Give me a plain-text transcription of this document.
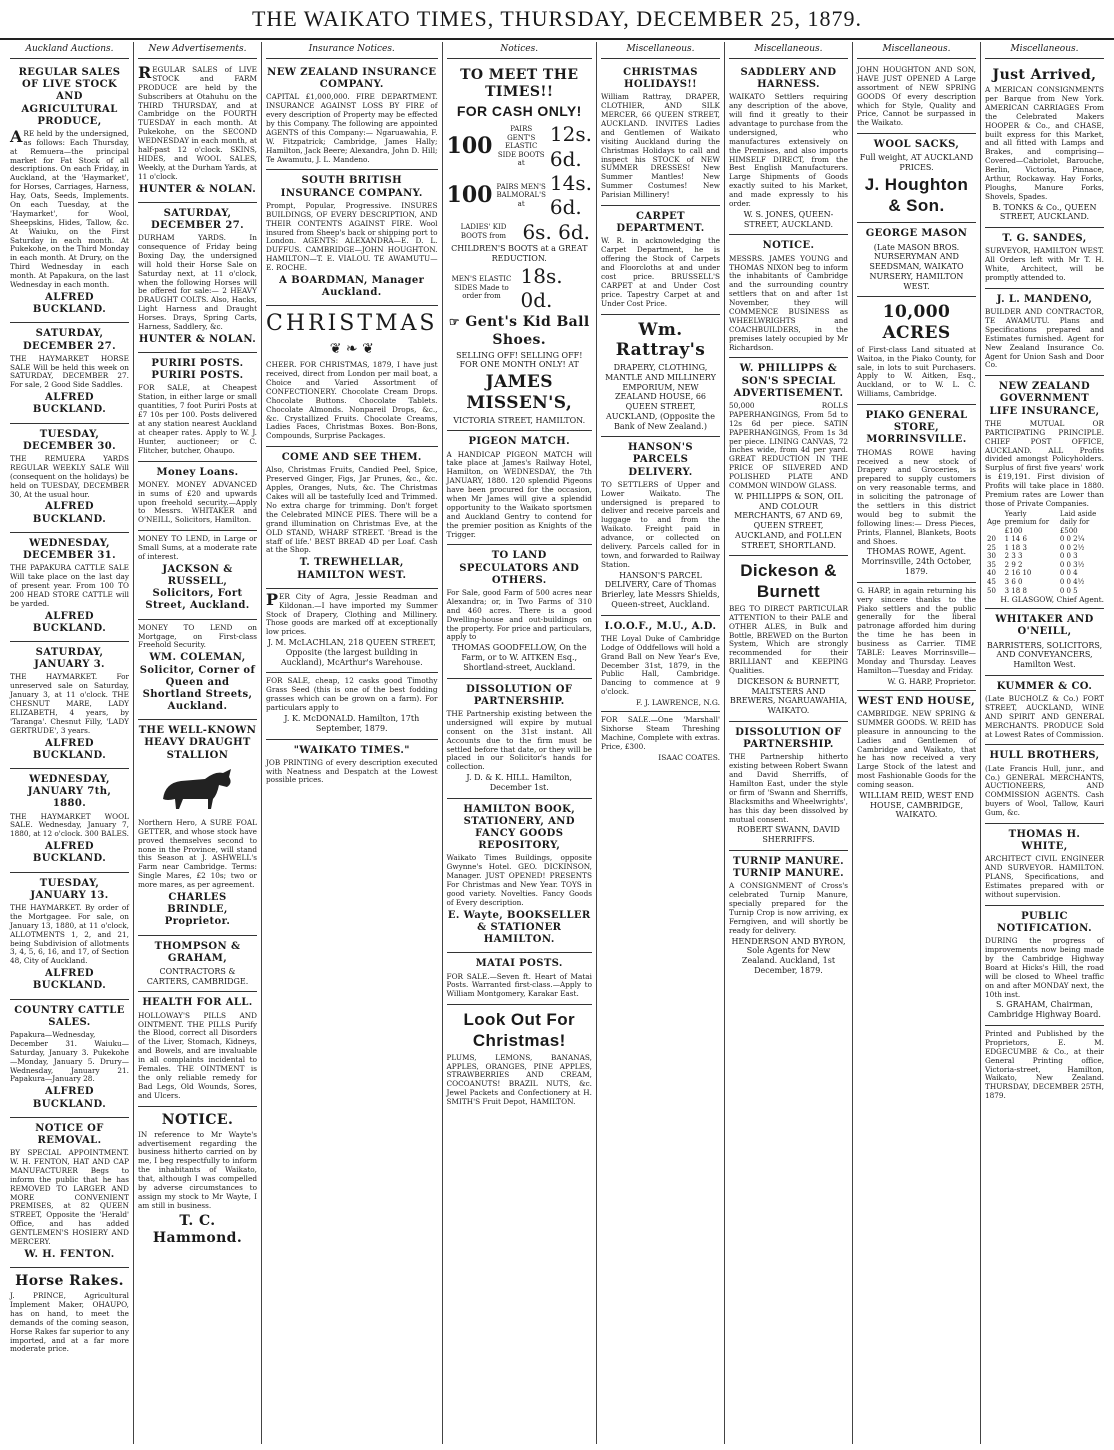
THE WAIKATO TIMES, THURSDAY, DECEMBER 25, 1879.
Auckland Auctions.
REGULAR SALES OF LIVE STOCK AND AGRICULTURAL PRODUCE,

ARE held by the undersigned, as follows: Each Thursday, at Remuera—the principal market for Fat Stock of all descriptions. On each Friday, in Auckland, at the 'Haymarket', for Horses, Carriages, Harness, Hay, Oats, Seeds, Implements. On each Tuesday, at the 'Haymarket', for Wool, Sheepskins, Hides, Tallow, &c. At Waiuku, on the First Saturday in each month. At Pukekohe, on the Third Monday in each month. At Drury, on the Third Wednesday in each month. At Papakura, on the last Wednesday in each month.

ALFRED BUCKLAND.
SATURDAY, DECEMBER 27.

THE HAYMARKET HORSE SALE Will be held this week on SATURDAY, DECEMBER 27. For sale, 2 Good Side Saddles.

ALFRED BUCKLAND.
TUESDAY, DECEMBER 30.

THE REMUERA YARDS REGULAR WEEKLY SALE Will (consequent on the holidays) be held on TUESDAY, DECEMBER 30, At the usual hour.

ALFRED BUCKLAND.
WEDNESDAY, DECEMBER 31.

THE PAPAKURA CATTLE SALE Will take place on the last day of present year. From 100 TO 200 HEAD STORE CATTLE will be yarded.

ALFRED BUCKLAND.
SATURDAY, JANUARY 3.

THE HAYMARKET. For unreserved sale on Saturday, January 3, at 11 o'clock. THE CHESNUT MARE, LADY ELIZABETH, 4 years, by 'Taranga'. Chesnut Filly, 'LADY GERTRUDE', 3 years.

ALFRED BUCKLAND.
WEDNESDAY, JANUARY 7th, 1880.

THE HAYMARKET WOOL SALE. Wednesday, January 7, 1880, at 12 o'clock. 300 BALES.

ALFRED BUCKLAND.
TUESDAY, JANUARY 13.

THE HAYMARKET. By order of the Mortgagee. For sale, on January 13, 1880, at 11 o'clock, ALLOTMENTS 1, 2, and 21, being Subdivision of allotments 3, 4, 5, 6, 16, and 17, of Section 48, City of Auckland.

ALFRED BUCKLAND.
COUNTRY CATTLE SALES.

Papakura—Wednesday, December 31. Waiuku—Saturday, January 3. Pukekohe—Monday, January 5. Drury—Wednesday, January 21. Papakura—January 28.

ALFRED BUCKLAND.
NOTICE OF REMOVAL.

BY SPECIAL APPOINTMENT. W. H. FENTON, HAT AND CAP MANUFACTURER Begs to inform the public that he has REMOVED TO LARGER AND MORE CONVENIENT PREMISES, at 82 QUEEN STREET, Opposite the 'Herald' Office, and has added GENTLEMEN'S HOSIERY AND MERCERY.

W. H. FENTON.
Horse Rakes.

J. PRINCE, Agricultural Implement Maker, OHAUPO, has on hand, to meet the demands of the coming season, Horse Rakes far superior to any imported, and at a far more moderate price.

New Advertisements.

REGULAR SALES of LIVE STOCK and FARM PRODUCE are held by the Subscribers at Otahuhu on the THIRD THURSDAY, and at Cambridge on the FOURTH TUESDAY in each month. At Pukekohe, on the SECOND WEDNESDAY in each month, at half-past 12 o'clock. SKINS, HIDES, and WOOL SALES, Weekly, at the Durham Yards, at 11 o'clock.

HUNTER & NOLAN.
SATURDAY, DECEMBER 27.

DURHAM YARDS. In consequence of Friday being Boxing Day, the undersigned will hold their Horse Sale on Saturday next, at 11 o'clock, when the following Horses will be offered for sale:— 2 HEAVY DRAUGHT COLTS. Also, Hacks, Light Harness and Draught Horses. Drays, Spring Carts, Harness, Saddlery, &c.

HUNTER & NOLAN.
PURIRI POSTS. PURIRI POSTS.

FOR SALE, at Cheapest Station, in either large or small quantities, 7 foot Puriri Posts at £7 10s per 100. Posts delivered at any station nearest Auckland at cheaper rates. Apply to W. J. Hunter, auctioneer; or C. Flitcher, butcher, Ohaupo.

Money Loans.

MONEY. MONEY ADVANCED in sums of £20 and upwards upon freehold security.—Apply to Messrs. WHITAKER and O'NEILL, Solicitors, Hamilton.

MONEY TO LEND, in Large or Small Sums, at a moderate rate of interest.

JACKSON & RUSSELL, Solicitors, Fort Street, Auckland.

MONEY TO LEND on Mortgage, on First-class Freehold Security.

WM. COLEMAN, Solicitor, Corner of Queen and Shortland Streets, Auckland.
THE WELL-KNOWN HEAVY DRAUGHT STALLION

Northern Hero, A SURE FOAL GETTER, and whose stock have proved themselves second to none in the Province, will stand this Season at J. ASHWELL's Farm near Cambridge. Terms: Single Mares, £2 10s; two or more mares, as per agreement.

CHARLES BRINDLE, Proprietor.
THOMPSON & GRAHAM,
CONTRACTORS & CARTERS, CAMBRIDGE.
HEALTH FOR ALL.

HOLLOWAY'S PILLS AND OINTMENT. THE PILLS Purify the Blood, correct all Disorders of the Liver, Stomach, Kidneys, and Bowels, and are invaluable in all complaints incidental to Females. THE OINTMENT is the only reliable remedy for Bad Legs, Old Wounds, Sores, and Ulcers.

NOTICE.

IN reference to Mr Wayte's advertisement regarding the business hitherto carried on by me, I beg respectfully to inform the inhabitants of Waikato, that, although I was compelled by adverse circumstances to assign my stock to Mr Wayte, I am still in business.

T. C. Hammond.
Insurance Notices.
NEW ZEALAND INSURANCE COMPANY.

CAPITAL £1,000,000. FIRE DEPARTMENT. INSURANCE AGAINST LOSS BY FIRE of every description of Property may be effected by this Company. The following are appointed AGENTS of this Company:— Ngaruawahia, F. W. Fitzpatrick; Cambridge, James Hally; Hamilton, Jack Beere; Alexandra, John D. Hill; Te Awamutu, J. L. Mandeno.

SOUTH BRITISH INSURANCE COMPANY.

Prompt, Popular, Progressive. INSURES BUILDINGS, OF EVERY DESCRIPTION, AND THEIR CONTENTS AGAINST FIRE. Wool insured from Sheep's back or shipping port to London. AGENTS: ALEXANDRA—E. D. L. DUFFUS. CAMBRIDGE—JOHN HOUGHTON. HAMILTON—T. E. VIALOU. TE AWAMUTU—E. ROCHE.

A BOARDMAN, Manager Auckland.
CHRISTMAS
❦ ❧ ❦

CHEER. FOR CHRISTMAS, 1879, I have just received, direct from London per mail boat, a Choice and Varied Assortment of CONFECTIONERY. Chocolate Cream Drops. Chocolate Buttons. Chocolate Tablets. Chocolate Almonds. Nonpareil Drops, &c., &c. Crystallized Fruits. Chocolate Creams, Ladies Faces, Christmas Boxes. Bon-Bons, Compounds, Surprise Packages.

COME AND SEE THEM.

Also, Christmas Fruits, Candied Peel, Spice, Preserved Ginger, Figs, Jar Prunes, &c., &c. Apples, Oranges, Nuts, &c. The Christmas Cakes will all be tastefully Iced and Trimmed. No extra charge for trimming. Don't forget the Celebrated MINCE PIES. There will be a grand illumination on Christmas Eve, at the OLD STAND, WHARF STREET. 'Bread is the staff of life.' BEST BREAD 4D per Loaf. Cash at the Shop.

T. TREWHELLAR, HAMILTON WEST.

PER City of Agra, Jessie Readman and Kildonan.—I have imported my Summer Stock of Drapery, Clothing and Millinery. Those goods are marked off at exceptionally low prices.

J. M. McLACHLAN, 218 QUEEN STREET, Opposite (the largest building in Auckland), McArthur's Warehouse.

FOR SALE, cheap, 12 casks good Timothy Grass Seed (this is one of the best fodding grasses which can be grown on a farm). For particulars apply to

J. K. McDONALD. Hamilton, 17th September, 1879.
"WAIKATO TIMES."

JOB PRINTING of every description executed with Neatness and Despatch at the Lowest possible prices.

Notices.
TO MEET THE TIMES!!
FOR CASH ONLY!
100
PAIRS GENT'S ELASTIC SIDE BOOTS at
12s. 6d.
100 PAIRS MEN'S BALMORAL'S at
14s. 6d.
LADIES' KID BOOTS from 6s. 6d.
CHILDREN'S BOOTS at a GREAT REDUCTION.
MEN'S ELASTIC SIDES Made to order from
18s. 0d.
☞ Gent's Kid Ball Shoes.
SELLING OFF! SELLING OFF! FOR ONE MONTH ONLY! AT
JAMES MISSEN'S,
VICTORIA STREET, HAMILTON.
PIGEON MATCH.

A HANDICAP PIGEON MATCH will take place at James's Railway Hotel, Hamilton, on WEDNESDAY, the 7th JANUARY, 1880. 120 splendid Pigeons have been procured for the occasion, when Mr James will give a splendid opportunity to the Waikato sportsmen and Auckland Gentry to contend for the premier position as Knights of the Trigger.

TO LAND SPECULATORS AND OTHERS.

For Sale, good Farm of 500 acres near Alexandra; or, in Two Farms of 310 and 460 acres. There is a good Dwelling-house and out-buildings on the property. For price and particulars, apply to

THOMAS GOODFELLOW, On the Farm, or to W. AITKEN Esq., Shortland-street, Auckland.
DISSOLUTION OF PARTNERSHIP.

THE Partnership existing between the undersigned will expire by mutual consent on the 31st instant. All Accounts due to the firm must be settled before that date, or they will be placed in our Solicitor's hands for collection.

J. D. & K. HILL. Hamilton, December 1st.
HAMILTON BOOK, STATIONERY, AND FANCY GOODS REPOSITORY,

Waikato Times Buildings, opposite Gwynne's Hotel. GEO. DICKINSON, Manager. JUST OPENED! PRESENTS For Christmas and New Year. TOYS in good variety. Novelties. Fancy Goods of Every description.

E. Wayte, BOOKSELLER & STATIONER HAMILTON.
MATAI POSTS.

FOR SALE.—Seven ft. Heart of Matai Posts. Warranted first-class.—Apply to William Montgomery, Karakar East.

Look Out For Christmas!

PLUMS, LEMONS, BANANAS, APPLES, ORANGES, PINE APPLES, STRAWBERRIES AND CREAM, COCOANUTS! BRAZIL NUTS, &c. Jewel Packets and Confectionery at H. SMITH'S Fruit Depot, HAMILTON.

Miscellaneous.
CHRISTMAS HOLIDAYS!!

William Rattray, DRAPER, CLOTHIER, AND SILK MERCER, 66 QUEEN STREET, AUCKLAND. INVITES Ladies and Gentlemen of Waikato visiting Auckland during the Christmas Holidays to call and inspect his STOCK of NEW SUMMER DRESSES! New Summer Mantles! New Summer Costumes! New Parisian Millinery!

CARPET DEPARTMENT.

W. R. in acknowledging the Carpet Department, he is offering the Stock of Carpets and Floorcloths at and under cost price. BRUSSELL'S CARPET at and Under Cost price. Tapestry Carpet at and Under Cost Price.

Wm. Rattray's
DRAPERY, CLOTHING, MANTLE AND MILLINERY EMPORIUM, NEW ZEALAND HOUSE, 66 QUEEN STREET, AUCKLAND, (Opposite the Bank of New Zealand.)
HANSON'S PARCELS DELIVERY.

TO SETTLERS of Upper and Lower Waikato. The undersigned is prepared to deliver and receive parcels and luggage to and from the Waikato. Freight paid in advance, or collected on delivery. Parcels called for in town, and forwarded to Railway Station.

HANSON'S PARCEL DELIVERY, Care of Thomas Brierley, late Messrs Shields, Queen-street, Auckland.
I.O.O.F., M.U., A.D.

THE Loyal Duke of Cambridge Lodge of Oddfellows will hold a Grand Ball on New Year's Eve, December 31st, 1879, in the Public Hall, Cambridge. Dancing to commence at 9 o'clock.

F. J. LAWRENCE, N.G.

FOR SALE.—One 'Marshall' Sixhorse Steam Threshing Machine, Complete with extras. Price, £300.

ISAAC COATES.
Miscellaneous.
SADDLERY AND HARNESS.

WAIKATO Settlers requiring any description of the above, will find it greatly to their advantage to purchase from the undersigned, who manufactures extensively on the Premises, and also imports HIMSELF DIRECT, from the Best English Manufacturers. Large Shipments of Goods exactly suited to his Market, and made expressly to his order.

W. S. JONES, QUEEN-STREET, AUCKLAND.
NOTICE.

MESSRS. JAMES YOUNG and THOMAS NIXON beg to inform the inhabitants of Cambridge and the surrounding country settlers that on and after 1st November, they will COMMENCE BUSINESS as WHEELWRIGHTS and COACHBUILDERS, in the premises lately occupied by Mr Richardson.

W. PHILLIPPS & SON'S SPECIAL ADVERTISEMENT.

50,000 ROLLS PAPERHANGINGS, From 5d to 12s 6d per piece. SATIN PAPERHANGINGS, From 1s 3d per piece. LINING CANVAS, 72 Inches wide, from 4d per yard. GREAT REDUCTION IN THE PRICE OF SILVERED AND POLISHED PLATE AND COMMON WINDOW GLASS.

W. PHILLIPPS & SON, OIL AND COLOUR MERCHANTS, 67 AND 69, QUEEN STREET, AUCKLAND, and FOLLEN STREET, SHORTLAND.
Dickeson & Burnett

BEG TO DIRECT PARTICULAR ATTENTION to their PALE and OTHER ALES, in Bulk and Bottle, BREWED on the Burton System, Which are strongly recommended for their BRILLIANT and KEEPING Qualities.

DICKESON & BURNETT, MALTSTERS AND BREWERS, NGARUAWAHIA, WAIKATO.
DISSOLUTION OF PARTNERSHIP.

THE Partnership hitherto existing between Robert Swann and David Sherriffs, of Hamilton East, under the style or firm of 'Swann and Sherriffs, Blacksmiths and Wheelwrights', has this day been dissolved by mutual consent.

ROBERT SWANN, DAVID SHERRIFFS.
TURNIP MANURE. TURNIP MANURE.

A CONSIGNMENT of Cross's celebrated Turnip Manure, specially prepared for the Turnip Crop is now arriving, ex Ferngiven, and will shortly be ready for delivery.

HENDERSON AND BYRON, Sole Agents for New Zealand. Auckland, 1st December, 1879.
Miscellaneous.

JOHN HOUGHTON AND SON, HAVE JUST OPENED A Large assortment of NEW SPRING GOODS Of every description which for Style, Quality and Price, Cannot be surpassed in the Waikato.

WOOL SACKS,
Full weight, AT AUCKLAND PRICES.
J. Houghton & Son.
GEORGE MASON
(Late MASON BROS. NURSERYMAN AND SEEDSMAN, WAIKATO NURSERY, HAMILTON WEST.
10,000 ACRES

of First-class Land situated at Waitoa, in the Piako County, for sale, in lots to suit Purchasers. Apply to W. Aitken, Esq., Auckland, or to W. L. C. Williams, Cambridge.

PIAKO GENERAL STORE, MORRINSVILLE.

THOMAS ROWE having received a new stock of Drapery and Groceries, is prepared to supply customers on very reasonable terms, and in soliciting the patronage of the settlers in this district would beg to submit the following lines:— Dress Pieces, Prints, Flannel, Blankets, Boots and Shoes.

THOMAS ROWE, Agent. Morrinsville, 24th October, 1879.

G. HARP, in again returning his very sincere thanks to the Piako settlers and the public generally for the liberal patronage afforded him during the time he has been in business as Carrier. TIME TABLE: Leaves Morrinsville—Monday and Thursday. Leaves Hamilton—Tuesday and Friday.

W. G. HARP, Proprietor.
WEST END HOUSE,

CAMBRIDGE. NEW SPRING & SUMMER GOODS. W. REID has pleasure in announcing to the Ladies and Gentlemen of Cambridge and Waikato, that he has now received a very Large Stock of the latest and most Fashionable Goods for the coming season.

WILLIAM REID, WEST END HOUSE, CAMBRIDGE, WAIKATO.
Miscellaneous.
Just Arrived,

A MERICAN CONSIGNMENTS per Barque from New York. AMERICAN CARRIAGES From the Celebrated Makers HOOPER & Co., and CHASE, built express for this Market, and all fitted with Lamps and Brakes, and comprising— Covered—Cabriolet, Barouche, Berlin, Victoria, Pinnace, Arthur, Rockaway. Hay Forks, Ploughs, Manure Forks, Shovels, Spades.

B. TONKS & Co., QUEEN STREET, AUCKLAND.
T. G. SANDES,

SURVEYOR, HAMILTON WEST. All Orders left with Mr T. H. White, Architect, will be promptly attended to.

J. L. MANDENO,

BUILDER AND CONTRACTOR, TE AWAMUTU. Plans and Specifications prepared and Estimates furnished. Agent for New Zealand Insurance Co. Agent for Union Sash and Door Co.

NEW ZEALAND GOVERNMENT LIFE INSURANCE,

THE MUTUAL OR PARTICIPATING PRINCIPLE. CHIEF POST OFFICE, AUCKLAND. ALL Profits divided amongst Policyholders. Surplus of first five years' work is £19,191. First division of Profits will take place in 1880. Premium rates are Lower than those of Private Companies.

Age	Yearly premium for £100	Laid aside daily for £500
20	1 14 6	0 0 2¼
25	1 18 3	0 0 2½
30	2 3 3	0 0 3
35	2 9 2	0 0 3½
40	2 16 10	0 0 4
45	3 6 0	0 0 4½
50	3 18 8	0 0 5
H. GLASGOW, Chief Agent.
WHITAKER AND O'NEILL,
BARRISTERS, SOLICITORS, AND CONVEYANCERS, Hamilton West.
KUMMER & CO.

(Late BUCHOLZ & Co.) FORT STREET, AUCKLAND, WINE AND SPIRIT AND GENERAL MERCHANTS. PRODUCE Sold at Lowest Rates of Commission.

HULL BROTHERS,

(Late Francis Hull, junr., and Co.) GENERAL MERCHANTS, AUCTIONEERS, AND COMMISSION AGENTS. Cash buyers of Wool, Tallow, Kauri Gum, &c.

THOMAS H. WHITE,

ARCHITECT CIVIL ENGINEER AND SURVEYOR. HAMILTON. PLANS, Specifications, and Estimates prepared with or without supervision.

PUBLIC NOTIFICATION.

DURING the progress of improvements now being made by the Cambridge Highway Board at Hicks's Hill, the road will be closed to Wheel traffic on and after MONDAY next, the 10th inst.

S. GRAHAM, Chairman, Cambridge Highway Board.

Printed and Published by the Proprietors, E. M. EDGECUMBE & Co., at their General Printing office, Victoria-street, Hamilton, Waikato, New Zealand. THURSDAY, DECEMBER 25TH, 1879.
